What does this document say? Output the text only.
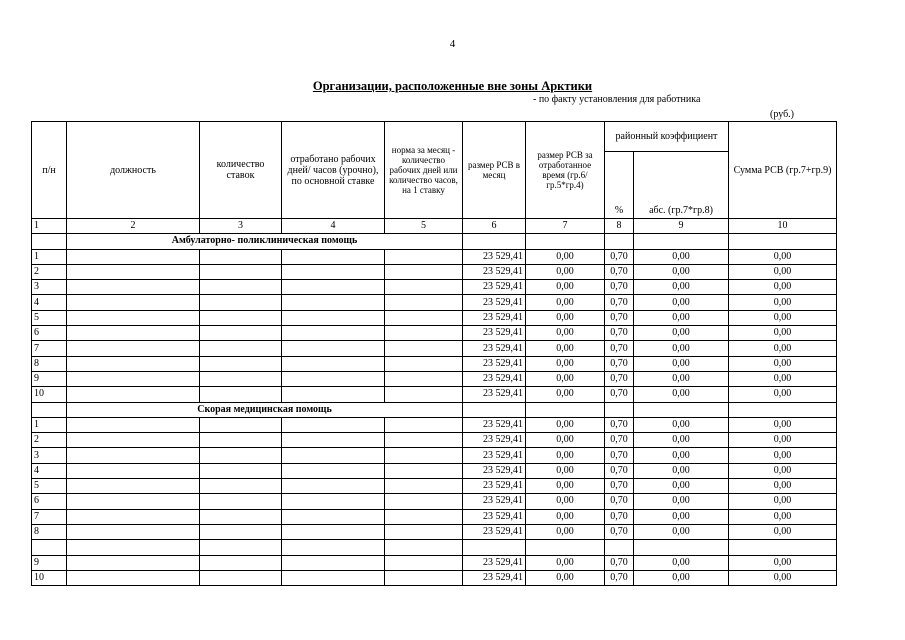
4
Организации, расположенные вне зоны Арктики
- по факту установления для работника
(руб.)
п/н	должность	количество ставок	отработано рабочих дней/ часов (урочно), по основной ставке	норма за месяц - количество рабочих дней или количество часов, на 1 ставку	размер РСВ в месяц	размер РСВ за отработанное время (гр.6/гр.5*гр.4)	районный коэффициент		Сумма РСВ (гр.7+гр.9)
							%	абс. (гр.7*гр.8)	
1	2	3	4	5	6	7	8	9	10
	Амбулаторно- поликлиническая помощь								
1					23 529,41	0,00	0,70	0,00	0,00
2					23 529,41	0,00	0,70	0,00	0,00
3					23 529,41	0,00	0,70	0,00	0,00
4					23 529,41	0,00	0,70	0,00	0,00
5					23 529,41	0,00	0,70	0,00	0,00
6					23 529,41	0,00	0,70	0,00	0,00
7					23 529,41	0,00	0,70	0,00	0,00
8					23 529,41	0,00	0,70	0,00	0,00
9					23 529,41	0,00	0,70	0,00	0,00
10					23 529,41	0,00	0,70	0,00	0,00
	Скорая медицинская помощь								
1					23 529,41	0,00	0,70	0,00	0,00
2					23 529,41	0,00	0,70	0,00	0,00
3					23 529,41	0,00	0,70	0,00	0,00
4					23 529,41	0,00	0,70	0,00	0,00
5					23 529,41	0,00	0,70	0,00	0,00
6					23 529,41	0,00	0,70	0,00	0,00
7					23 529,41	0,00	0,70	0,00	0,00
8					23 529,41	0,00	0,70	0,00	0,00

9					23 529,41	0,00	0,70	0,00	0,00
10					23 529,41	0,00	0,70	0,00	0,00
